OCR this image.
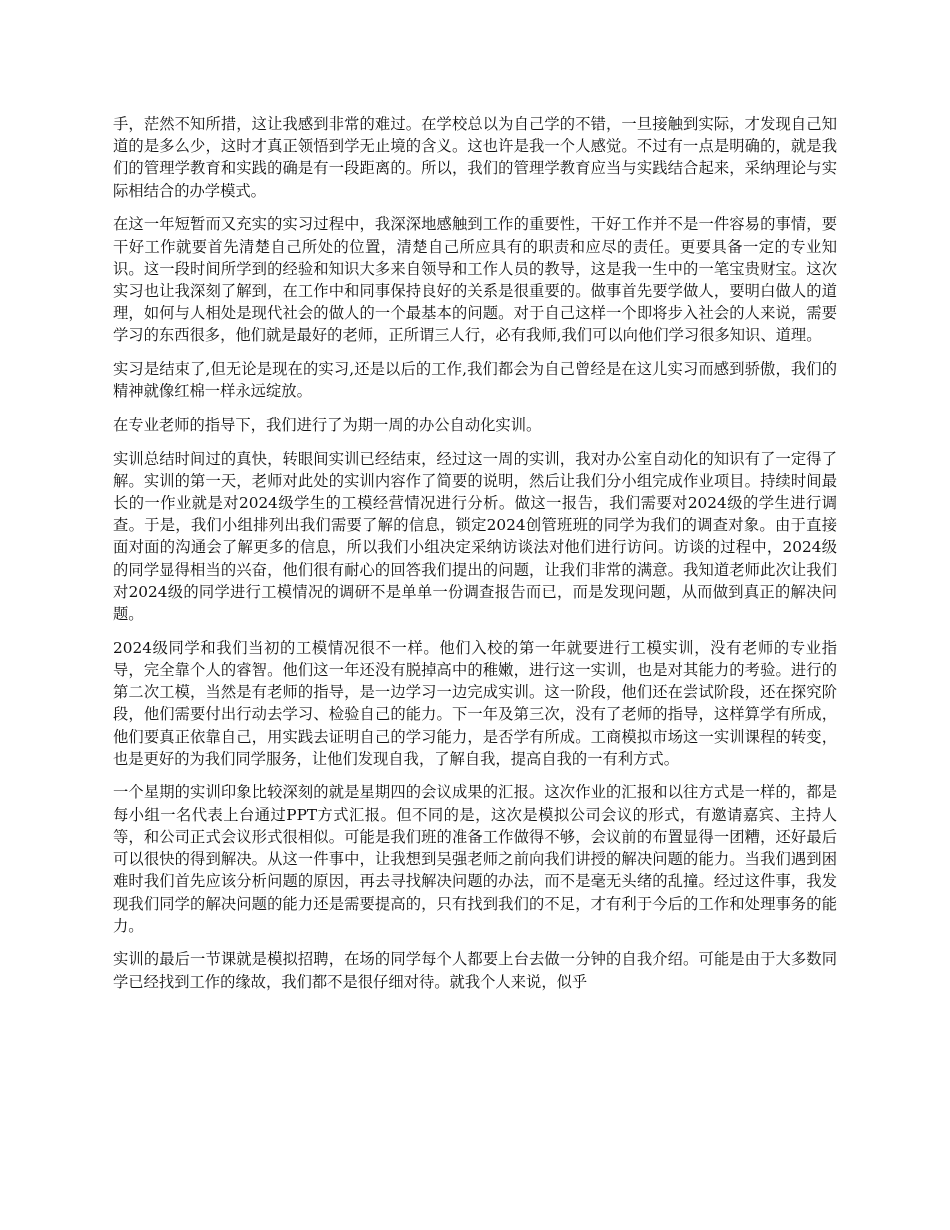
手，茫然不知所措，这让我感到非常的难过。在学校总以为自己学的不错，一旦接触到实际，才发现自己知道的是多么少，这时才真正领悟到学无止境的含义。这也许是我一个人感觉。不过有一点是明确的，就是我们的管理学教育和实践的确是有一段距离的。所以，我们的管理学教育应当与实践结合起来，采纳理论与实际相结合的办学模式。

在这一年短暂而又充实的实习过程中，我深深地感触到工作的重要性，干好工作并不是一件容易的事情，要干好工作就要首先清楚自己所处的位置，清楚自己所应具有的职责和应尽的责任。更要具备一定的专业知识。这一段时间所学到的经验和知识大多来自领导和工作人员的教导，这是我一生中的一笔宝贵财宝。这次实习也让我深刻了解到，在工作中和同事保持良好的关系是很重要的。做事首先要学做人，要明白做人的道理，如何与人相处是现代社会的做人的一个最基本的问题。对于自己这样一个即将步入社会的人来说，需要学习的东西很多，他们就是最好的老师，正所谓三人行，必有我师,我们可以向他们学习很多知识、道理。

实习是结束了,但无论是现在的实习,还是以后的工作,我们都会为自己曾经是在这儿实习而感到骄傲，我们的精神就像红棉一样永远绽放。

在专业老师的指导下，我们进行了为期一周的办公自动化实训。

实训总结时间过的真快，转眼间实训已经结束，经过这一周的实训，我对办公室自动化的知识有了一定得了解。实训的第一天，老师对此处的实训内容作了简要的说明，然后让我们分小组完成作业项目。持续时间最长的一作业就是对2024级学生的工模经营情况进行分析。做这一报告，我们需要对2024级的学生进行调查。于是，我们小组排列出我们需要了解的信息，锁定2024创管班班的同学为我们的调查对象。由于直接面对面的沟通会了解更多的信息，所以我们小组决定采纳访谈法对他们进行访问。访谈的过程中，2024级的同学显得相当的兴奋，他们很有耐心的回答我们提出的问题，让我们非常的满意。我知道老师此次让我们对2024级的同学进行工模情况的调研不是单单一份调查报告而已，而是发现问题，从而做到真正的解决问题。

2024级同学和我们当初的工模情况很不一样。他们入校的第一年就要进行工模实训，没有老师的专业指导，完全靠个人的睿智。他们这一年还没有脱掉高中的稚嫩，进行这一实训，也是对其能力的考验。进行的第二次工模，当然是有老师的指导，是一边学习一边完成实训。这一阶段，他们还在尝试阶段，还在探究阶段，他们需要付出行动去学习、检验自己的能力。下一年及第三次，没有了老师的指导，这样算学有所成，他们要真正依靠自己，用实践去证明自己的学习能力，是否学有所成。工商模拟市场这一实训课程的转变，也是更好的为我们同学服务，让他们发现自我，了解自我，提高自我的一有利方式。

一个星期的实训印象比较深刻的就是星期四的会议成果的汇报。这次作业的汇报和以往方式是一样的，都是每小组一名代表上台通过PPT方式汇报。但不同的是，这次是模拟公司会议的形式，有邀请嘉宾、主持人等，和公司正式会议形式很相似。可能是我们班的准备工作做得不够，会议前的布置显得一团糟，还好最后可以很快的得到解决。从这一件事中，让我想到吴强老师之前向我们讲授的解决问题的能力。当我们遇到困难时我们首先应该分析问题的原因，再去寻找解决问题的办法，而不是毫无头绪的乱撞。经过这件事，我发现我们同学的解决问题的能力还是需要提高的，只有找到我们的不足，才有利于今后的工作和处理事务的能力。

实训的最后一节课就是模拟招聘，在场的同学每个人都要上台去做一分钟的自我介绍。可能是由于大多数同学已经找到工作的缘故，我们都不是很仔细对待。就我个人来说，似乎
